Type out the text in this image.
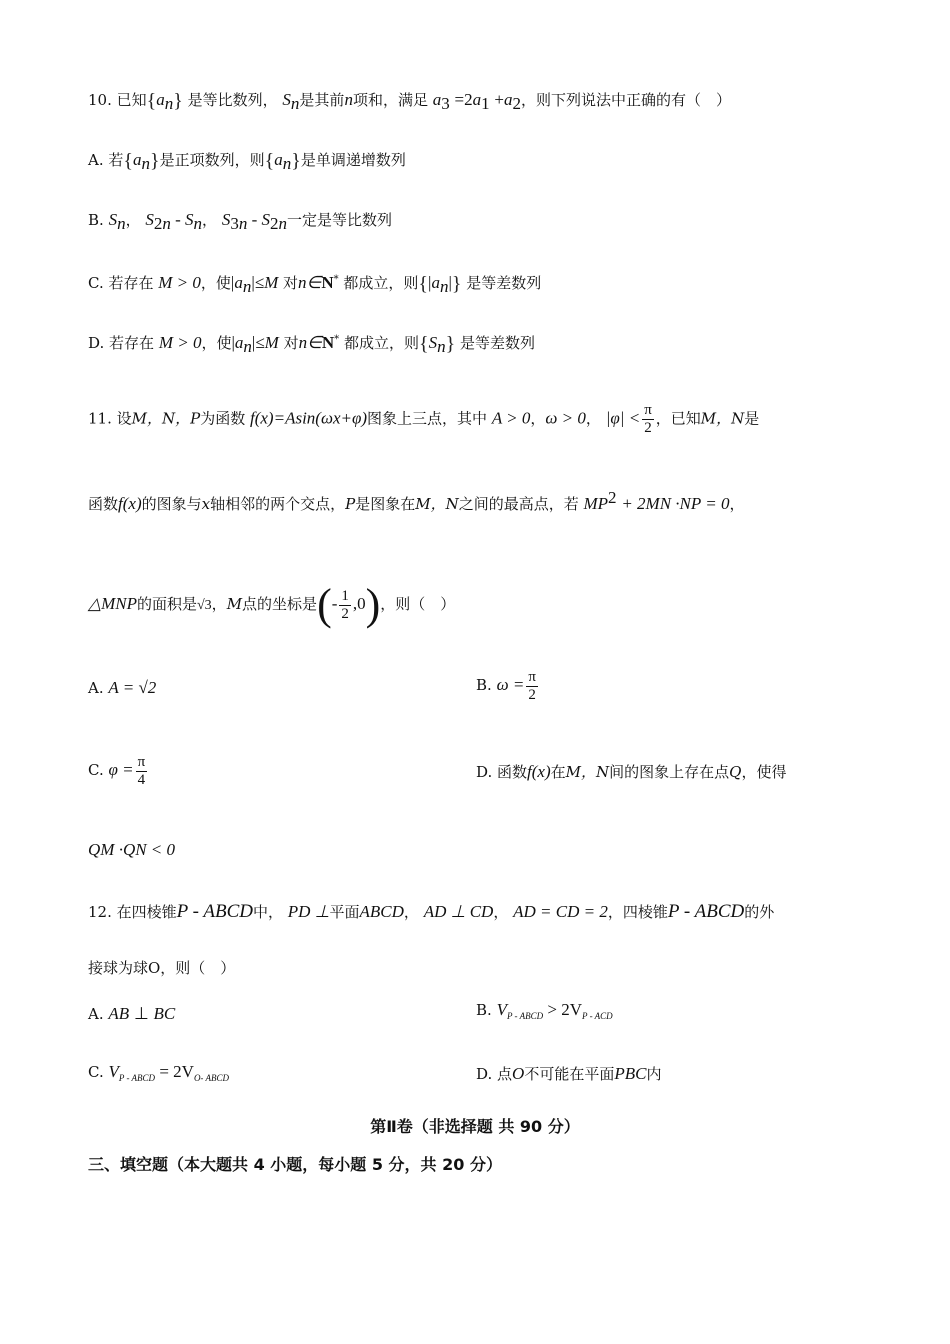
10. 已知$\{a_n\}$ 是等比数列， $S_n$是其前n项和，满足 $a_3 =2a_1 +a_2$，则下列说法中正确的有（　）
A. 若$\{a_n\}$是正项数列，则$\{a_n\}$是单调递增数列
B. $S_n$， $S_{2n} - S_n$， $S_{3n} - S_{2n}$一定是等比数列
C. 若存在 M > 0，使$|a_n|\le M$ 对n∈N* 都成立，则$\{|a_n|\}$ 是等差数列
D. 若存在 M > 0，使$|a_n|\le M$ 对n∈N* 都成立，则$\{S_n\}$ 是等差数列
11. 设M，N，P为函数 f(x)=Asin(ωx+φ)图象上三点，其中 A > 0，ω > 0， $|\varphi| < \frac{\pi}{2}$ ，已知M，N是
函数f(x)的图象与x轴相邻的两个交点，P是图象在M，N之间的最高点，若 $MP^2 + 2MN \cdot NP = 0$，
△MNP的面积是√3，M点的坐标是(- $\frac{1}{2} ,0$)，则（　）
A. A = √2	B. $\omega = \frac{\pi}{2}$
C. $\varphi = \frac{\pi}{4}$	D. 函数f(x)在M，N间的图象上存在点Q，使得
QM ·QN < 0
12. 在四棱锥P - ABCD中， PD ⊥平面ABCD， AD ⊥ CD， AD = CD = 2，四棱锥P - ABCD的外
接球为球O，则（　）
A. AB ⊥ BC	B. $V_{P - ABCD} > 2V_{P - ACD}$
C. $V_{P - ABCD} = 2V_{O- ABCD}$	D. 点O不可能在平面PBC内
第Ⅱ卷（非选择题 共 90 分）
三、填空题（本大题共 4 小题，每小题 5 分，共 20 分）
